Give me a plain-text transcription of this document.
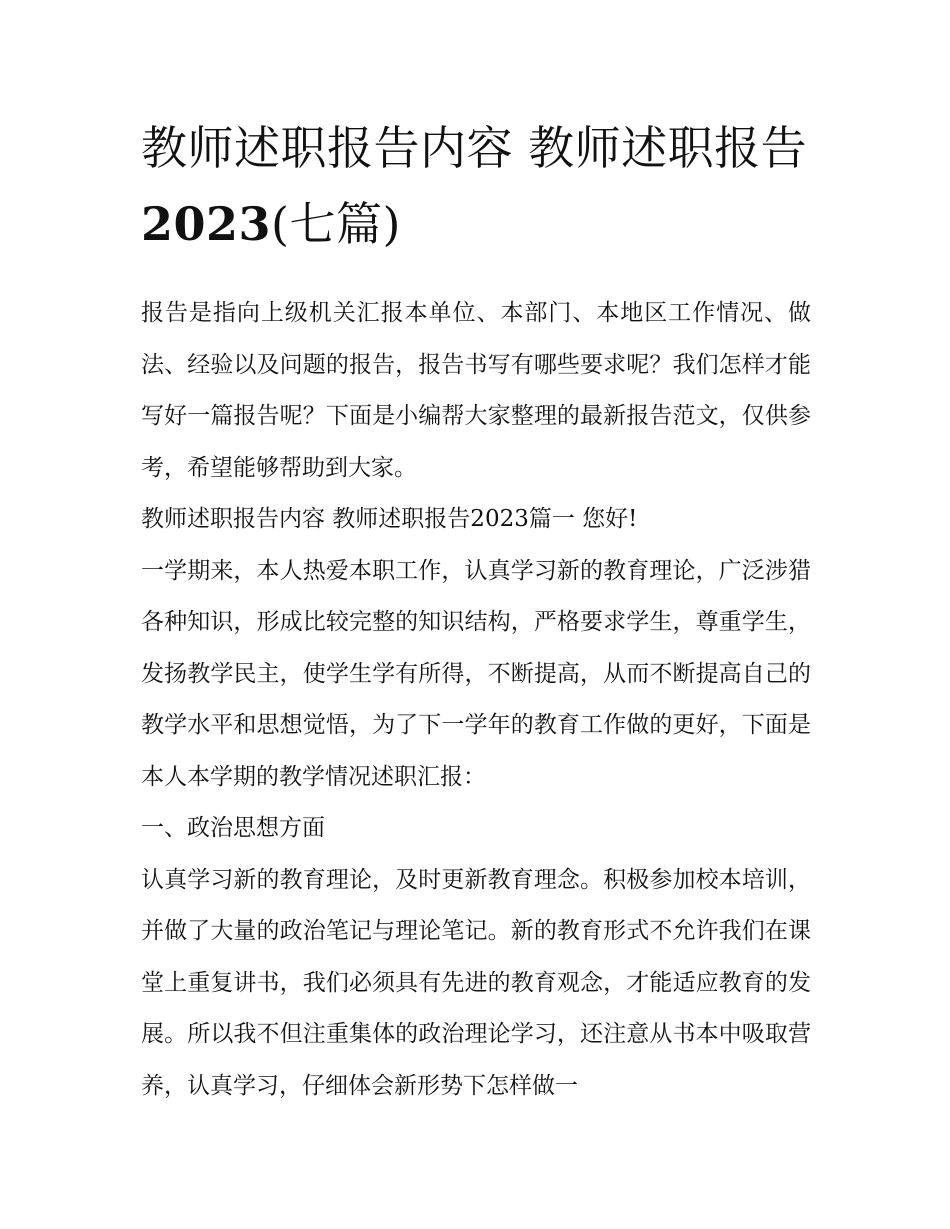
教师述职报告内容 教师述职报告
2023(七篇)

报告是指向上级机关汇报本单位、本部门、本地区工作情况、做法、经验以及问题的报告，报告书写有哪些要求呢？我们怎样才能写好一篇报告呢？下面是小编帮大家整理的最新报告范文，仅供参考，希望能够帮助到大家。

教师述职报告内容 教师述职报告2023篇一 您好!

一学期来，本人热爱本职工作，认真学习新的教育理论，广泛涉猎各种知识，形成比较完整的知识结构，严格要求学生，尊重学生，发扬教学民主，使学生学有所得，不断提高，从而不断提高自己的教学水平和思想觉悟，为了下一学年的教育工作做的更好，下面是本人本学期的教学情况述职汇报：

一、政治思想方面

认真学习新的教育理论，及时更新教育理念。积极参加校本培训，并做了大量的政治笔记与理论笔记。新的教育形式不允许我们在课堂上重复讲书，我们必须具有先进的教育观念，才能适应教育的发展。所以我不但注重集体的政治理论学习，还注意从书本中吸取营养，认真学习，仔细体会新形势下怎样做一
